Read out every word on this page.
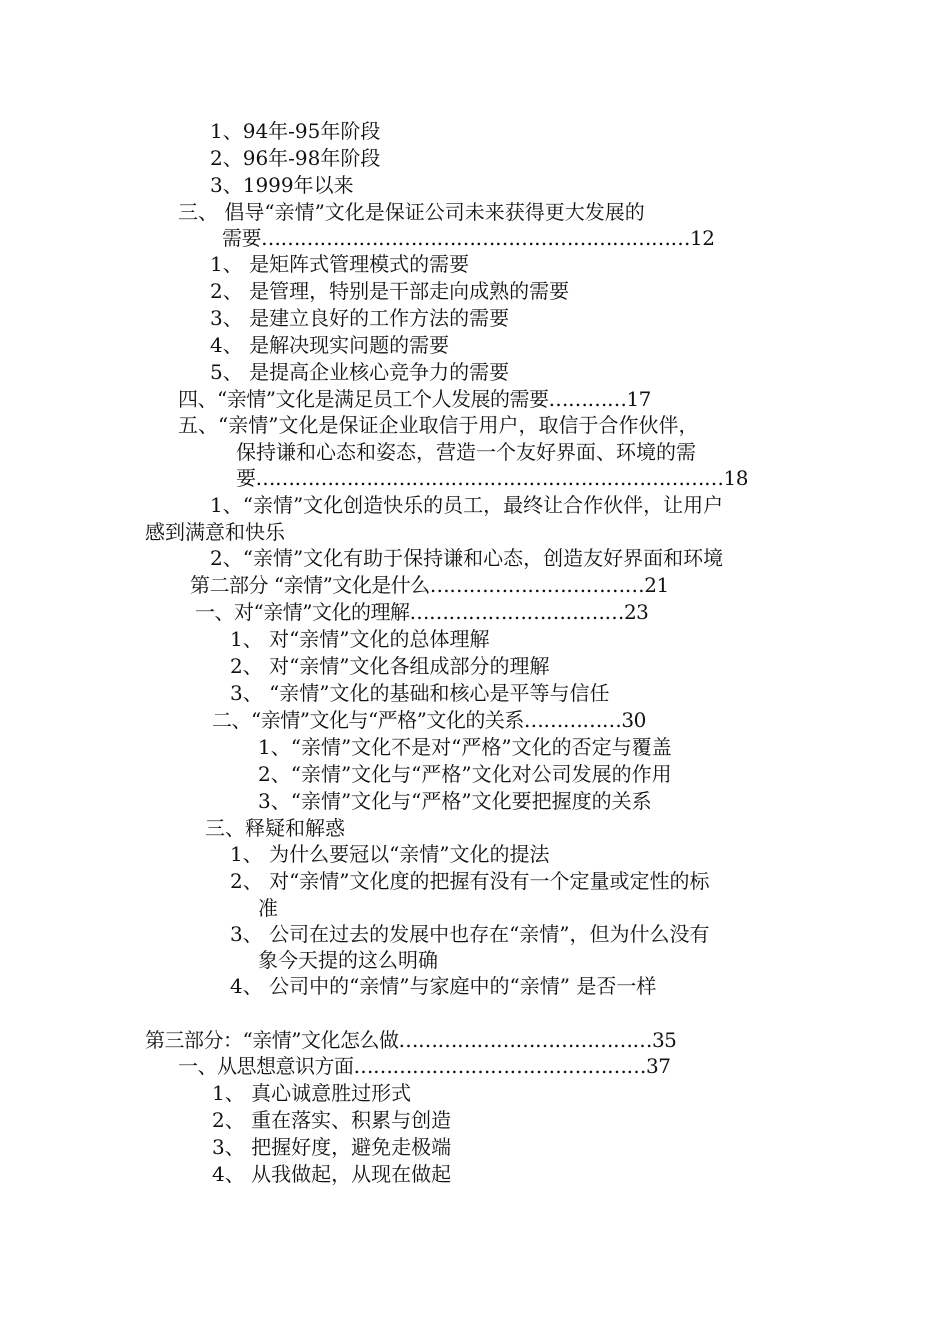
1、94年-95年阶段
2、96年-98年阶段
3、1999年以来
三、 倡导“亲情”文化是保证公司未来获得更大发展的
需要…………………………………………………………12
1、 是矩阵式管理模式的需要
2、 是管理，特别是干部走向成熟的需要
3、 是建立良好的工作方法的需要
4、 是解决现实问题的需要
5、 是提高企业核心竞争力的需要
四、“亲情”文化是满足员工个人发展的需要…………17
五、“亲情”文化是保证企业取信于用户，取信于合作伙伴，
保持谦和心态和姿态，营造一个友好界面、环境的需
要………………………………………………………………18
1、“亲情”文化创造快乐的员工，最终让合作伙伴，让用户
感到满意和快乐
2、“亲情”文化有助于保持谦和心态，创造友好界面和环境
第二部分 “亲情”文化是什么……………………………21
一、对“亲情”文化的理解……………………………23
1、 对“亲情”文化的总体理解
2、 对“亲情”文化各组成部分的理解
3、 “亲情”文化的基础和核心是平等与信任
二、“亲情”文化与“严格”文化的关系……………30
1、“亲情”文化不是对“严格”文化的否定与覆盖
2、“亲情”文化与“严格”文化对公司发展的作用
3、“亲情”文化与“严格”文化要把握度的关系
三、释疑和解惑
1、 为什么要冠以“亲情”文化的提法
2、 对“亲情”文化度的把握有没有一个定量或定性的标
准
3、 公司在过去的发展中也存在“亲情”，但为什么没有
象今天提的这么明确
4、 公司中的“亲情”与家庭中的“亲情” 是否一样
第三部分：“亲情”文化怎么做…………………………………35
一、从思想意识方面………………………………………37
1、 真心诚意胜过形式
2、 重在落实、积累与创造
3、 把握好度，避免走极端
4、 从我做起，从现在做起
